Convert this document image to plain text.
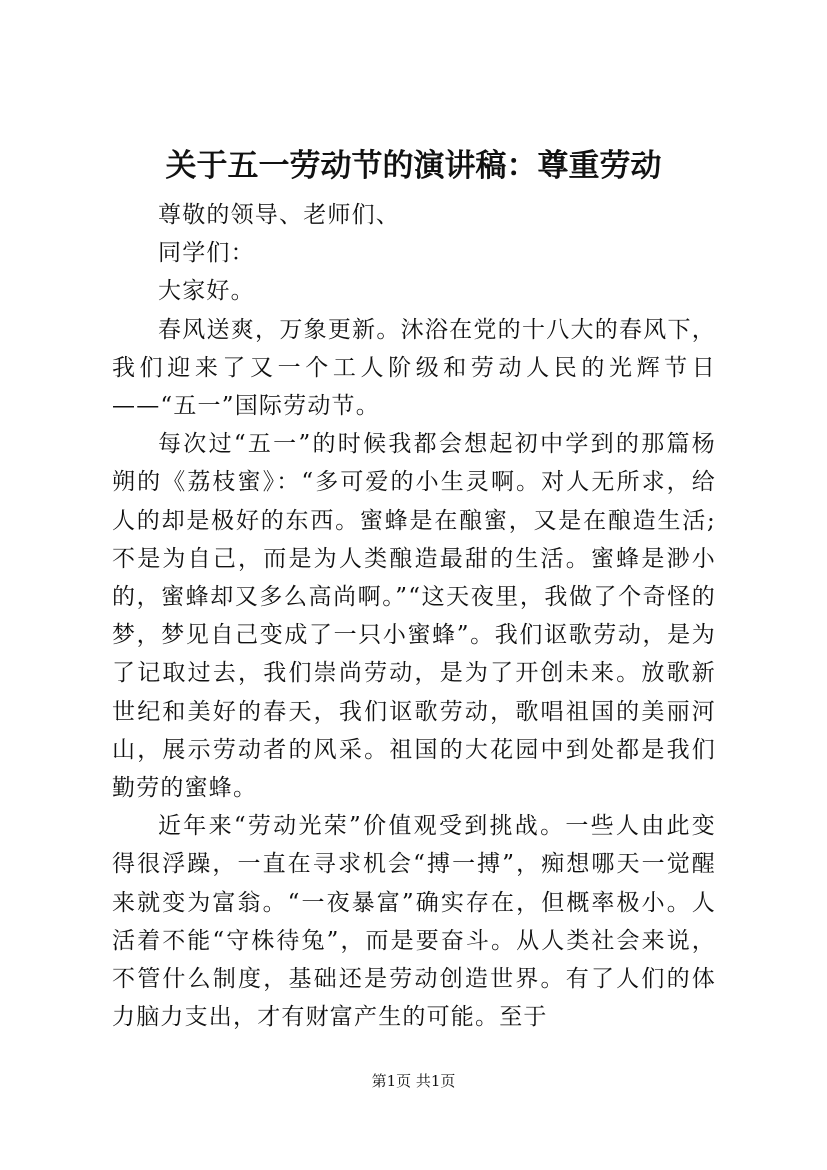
关于五一劳动节的演讲稿：尊重劳动

尊敬的领导、老师们、

同学们：

大家好。

春风送爽，万象更新。沐浴在党的十八大的春风下，我们迎来了又一个工人阶级和劳动人民的光辉节日——“五一”国际劳动节。

每次过“五一”的时候我都会想起初中学到的那篇杨朔的《荔枝蜜》：“多可爱的小生灵啊。对人无所求，给人的却是极好的东西。蜜蜂是在酿蜜，又是在酿造生活;不是为自己，而是为人类酿造最甜的生活。蜜蜂是渺小的，蜜蜂却又多么高尚啊。”“这天夜里，我做了个奇怪的梦，梦见自己变成了一只小蜜蜂”。我们讴歌劳动，是为了记取过去，我们崇尚劳动，是为了开创未来。放歌新世纪和美好的春天，我们讴歌劳动，歌唱祖国的美丽河山，展示劳动者的风采。祖国的大花园中到处都是我们勤劳的蜜蜂。

近年来“劳动光荣”价值观受到挑战。一些人由此变得很浮躁，一直在寻求机会“搏一搏”，痴想哪天一觉醒来就变为富翁。“一夜暴富”确实存在，但概率极小。人活着不能“守株待兔”，而是要奋斗。从人类社会来说，不管什么制度，基础还是劳动创造世界。有了人们的体力脑力支出，才有财富产生的可能。至于

第1页 共1页
